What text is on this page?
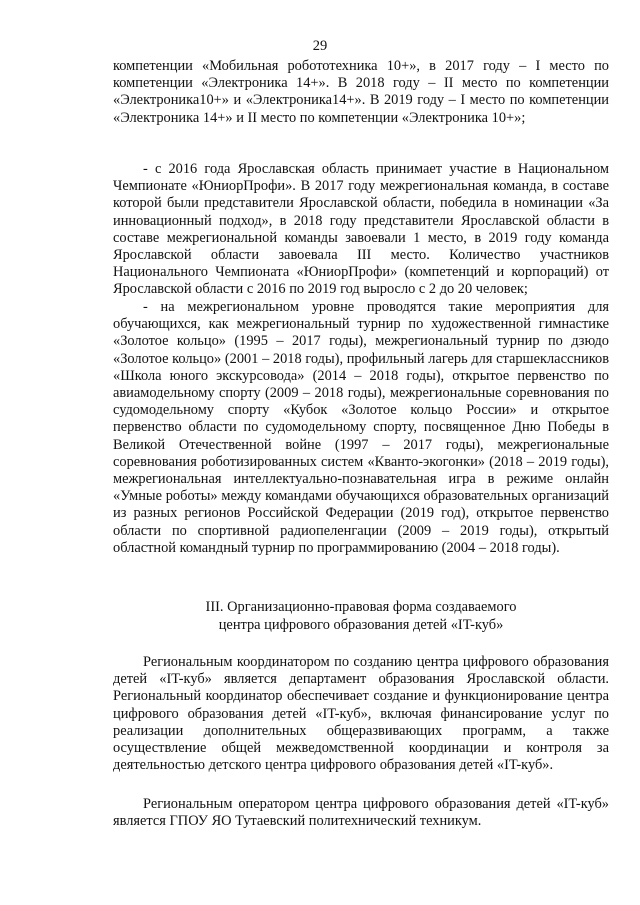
29

компетенции «Мобильная робототехника 10+», в 2017 году – I место по компетенции «Электроника 14+». В 2018 году – II место по компетенции «Электроника10+» и «Электроника14+». В 2019 году – I место по компетенции «Электроника 14+» и II место по компетенции «Электроника 10+»;

- с 2016 года Ярославская область принимает участие в Национальном Чемпионате «ЮниорПрофи». В 2017 году межрегиональная команда, в составе которой были представители Ярославской области, победила в номинации «За инновационный подход», в 2018 году представители Ярославской области в составе межрегиональной команды завоевали 1 место, в 2019 году команда Ярославской области завоевала III место. Количество участников Национального Чемпионата «ЮниорПрофи» (компетенций и корпораций) от Ярославской области с 2016 по 2019 год выросло с 2 до 20 человек;

- на межрегиональном уровне проводятся такие мероприятия для обучающихся, как межрегиональный турнир по художественной гимнастике «Золотое кольцо» (1995 – 2017 годы), межрегиональный турнир по дзюдо «Золотое кольцо» (2001 – 2018 годы), профильный лагерь для старшеклассников «Школа юного экскурсовода» (2014 – 2018 годы), открытое первенство по авиамодельному спорту (2009 – 2018 годы), межрегиональные соревнования по судомодельному спорту «Кубок «Золотое кольцо России» и открытое первенство области по судомодельному спорту, посвященное Дню Победы в Великой Отечественной войне (1997 – 2017 годы), межрегиональные соревнования роботизированных систем «Кванто-экогонки» (2018 – 2019 годы), межрегиональная интеллектуально-познавательная игра в режиме онлайн «Умные роботы» между командами обучающихся образовательных организаций из разных регионов Российской Федерации (2019 год), открытое первенство области по спортивной радиопеленгации (2009 – 2019 годы), открытый областной командный турнир по программированию (2004 – 2018 годы).

III. Организационно-правовая форма создаваемого
центра цифрового образования детей «IT-куб»

Региональным координатором по созданию центра цифрового образования детей «IT-куб» является департамент образования Ярославской области. Региональный координатор обеспечивает создание и функционирование центра цифрового образования детей «IT-куб», включая финансирование услуг по реализации дополнительных общеразвивающих программ, а также осуществление общей межведомственной координации и контроля за деятельностью детского центра цифрового образования детей «IT-куб».

Региональным оператором центра цифрового образования детей «IT-куб» является ГПОУ ЯО Тутаевский политехнический техникум.
